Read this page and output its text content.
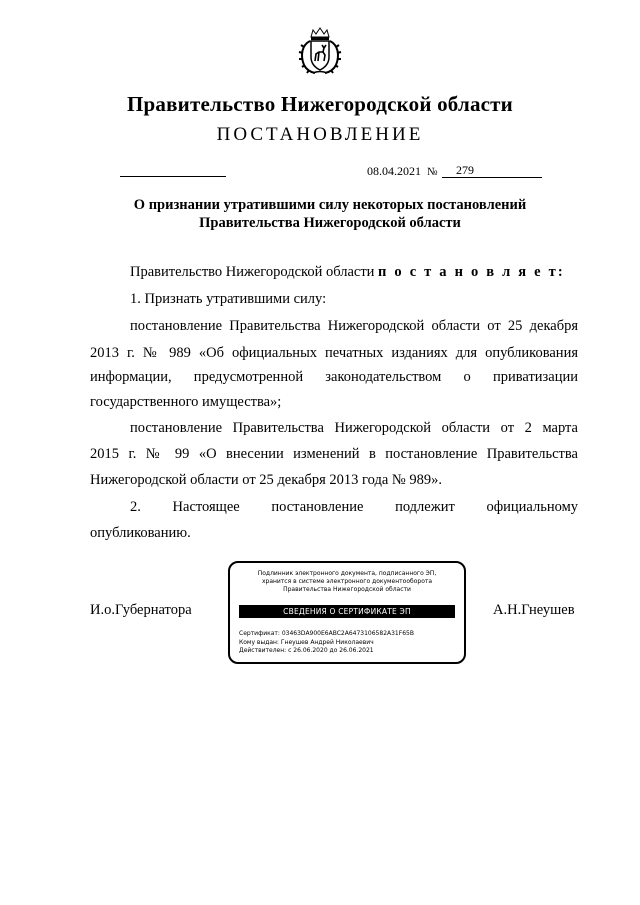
Правительство Нижегородской области
ПОСТАНОВЛЕНИЕ
08.04.2021 №	279
О признании утратившими силу некоторых постановлений
Правительства Нижегородской области
Правительство Нижегородской области п о с т а н о в л я е т:
1. Признать утратившими силу:
постановление Правительства Нижегородской области от 25 декабря
2013 г. № 989 «Об официальных печатных изданиях для опубликования
информации, предусмотренной законодательством о приватизации
государственного имущества»;
постановление Правительства Нижегородской области от 2 марта
2015 г. № 99 «О внесении изменений в постановление Правительства
Нижегородской области от 25 декабря 2013 года № 989».
2. Настоящее постановление подлежит официальному
опубликованию.
И.о.Губернатора	А.Н.Гнеушев
Подлинник электронного документа, подписанного ЭП,
хранится в системе электронного документооборота
Правительства Нижегородской области
СВЕДЕНИЯ О СЕРТИФИКАТЕ ЭП
Сертификат: 03463DA900E6ABC2A6473106582A31F65B
Кому выдан: Гнеушев Андрей Николаевич
Действителен: с 26.06.2020 до 26.06.2021
